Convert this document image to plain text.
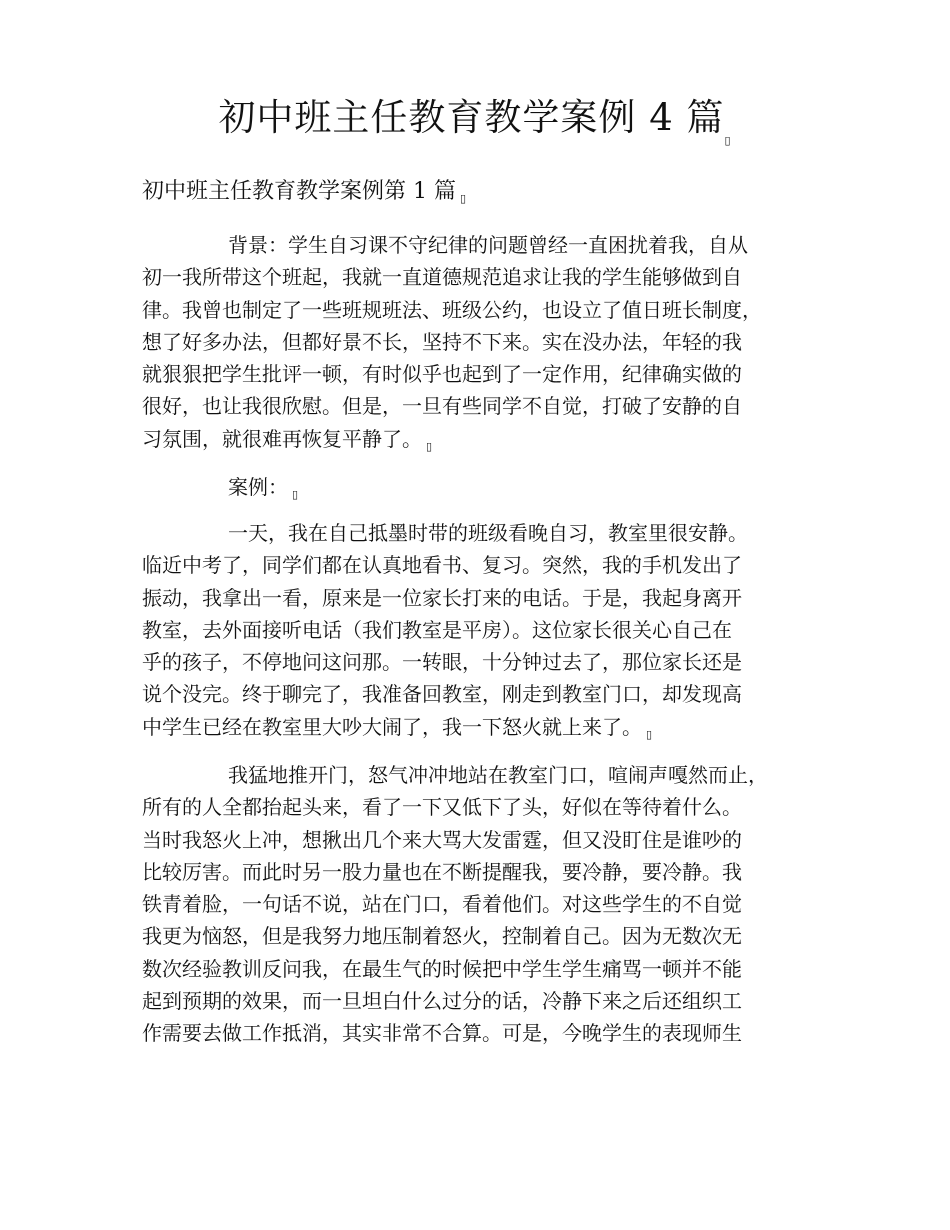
初中班主任教育教学案例 4 篇▯
初中班主任教育教学案例第 1 篇 ▯

背景：学生自习课不守纪律的问题曾经一直困扰着我，自从
初一我所带这个班起，我就一直道德规范追求让我的学生能够做到自
律。我曾也制定了一些班规班法、班级公约，也设立了值日班长制度，
想了好多办法，但都好景不长，坚持不下来。实在没办法，年轻的我
就狠狠把学生批评一顿，有时似乎也起到了一定作用，纪律确实做的
很好，也让我很欣慰。但是，一旦有些同学不自觉，打破了安静的自
习氛围，就很难再恢复平静了。 ▯

案例： ▯

一天，我在自己抵墨时带的班级看晚自习，教室里很安静。
临近中考了，同学们都在认真地看书、复习。突然，我的手机发出了
振动，我拿出一看，原来是一位家长打来的电话。于是，我起身离开
教室，去外面接听电话（我们教室是平房）。这位家长很关心自己在
乎的孩子，不停地问这问那。一转眼，十分钟过去了，那位家长还是
说个没完。终于聊完了，我准备回教室，刚走到教室门口，却发现高
中学生已经在教室里大吵大闹了，我一下怒火就上来了。 ▯

我猛地推开门，怒气冲冲地站在教室门口，喧闹声嘎然而止，
所有的人全都抬起头来，看了一下又低下了头，好似在等待着什么。
当时我怒火上冲，想揪出几个来大骂大发雷霆，但又没盯住是谁吵的
比较厉害。而此时另一股力量也在不断提醒我，要冷静，要冷静。我
铁青着脸，一句话不说，站在门口，看着他们。对这些学生的不自觉
我更为恼怒，但是我努力地压制着怒火，控制着自己。因为无数次无
数次经验教训反问我，在最生气的时候把中学生学生痛骂一顿并不能
起到预期的效果，而一旦坦白什么过分的话，冷静下来之后还组织工
作需要去做工作抵消，其实非常不合算。可是，今晚学生的表现师生
